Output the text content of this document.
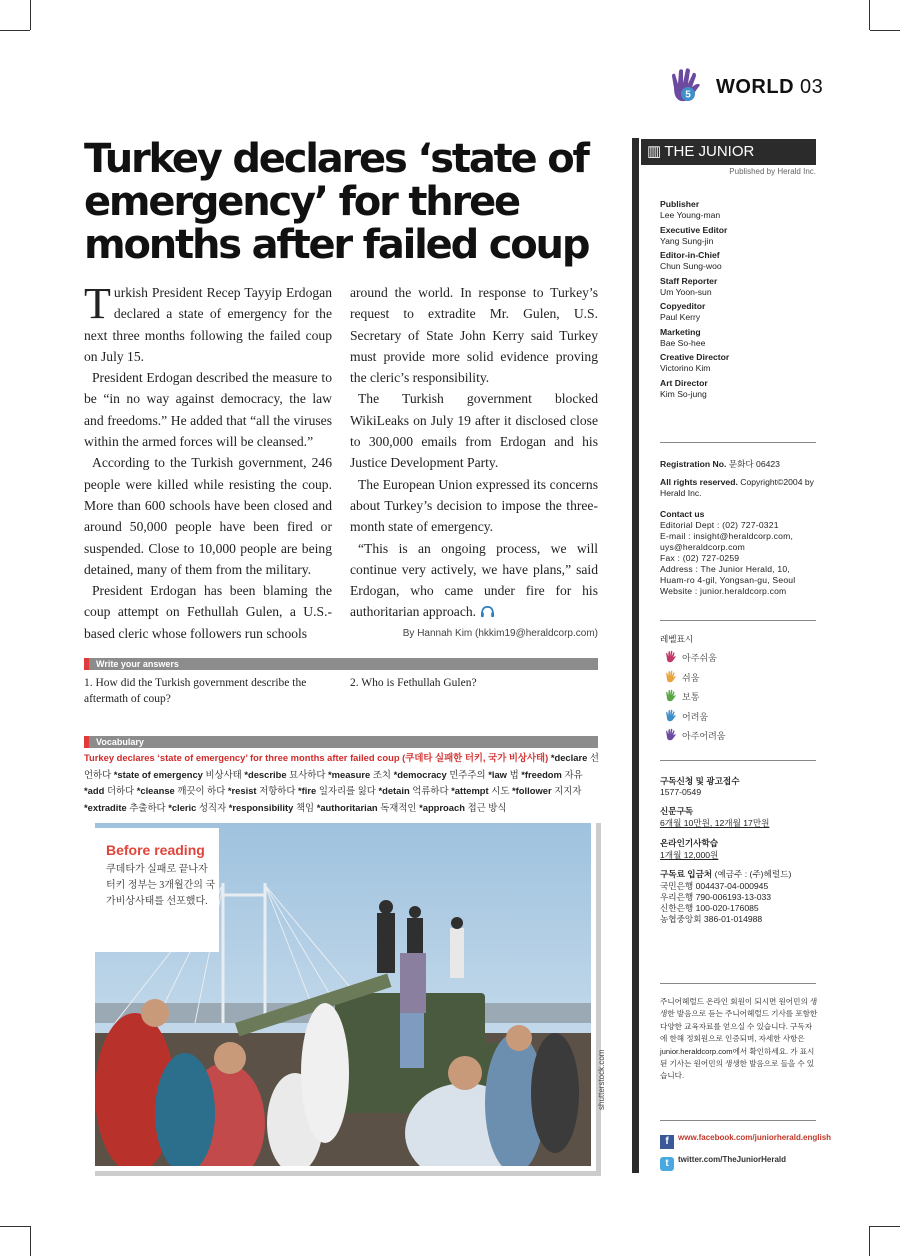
5 WORLD 03
Turkey declares ‘state of emergency’ for three months after failed coup

Turkish President Recep Tayyip Erdogan declared a state of emergency for the next three months following the failed coup on July 15.

President Erdogan described the measure to be “in no way against democracy, the law and freedoms.” He added that “all the viruses within the armed forces will be cleansed.”

According to the Turkish government, 246 people were killed while resisting the coup. More than 600 schools have been closed and around 50,000 people have been fired or suspended. Close to 10,000 people are being detained, many of them from the military.

President Erdogan has been blaming the coup attempt on Fethullah Gulen, a U.S.-based cleric whose followers run schools

around the world. In response to Turkey’s request to extradite Mr. Gulen, U.S. Secretary of State John Kerry said Turkey must provide more solid evidence proving the cleric’s responsibility.

The Turkish government blocked WikiLeaks on July 19 after it disclosed close to 300,000 emails from Erdogan and his Justice Development Party.

The European Union expressed its concerns about Turkey’s decision to impose the three-month state of emergency.

“This is an ongoing process, we will continue very actively, we have plans,” said Erdogan, who came under fire for his authoritarian approach.

By Hannah Kim (hkkim19@heraldcorp.com)
Write your answers
1. How did the Turkish government describe the aftermath of coup?
2. Who is Fethullah Gulen?
Vocabulary
Turkey declares ‘state of emergency’ for three months after failed coup (쿠데타 실패한 터키, 국가 비상사태) *declare 선언하다 *state of emergency 비상사태 *describe 묘사하다 *measure 조치 *democracy 민주주의 *law 법 *freedom 자유 *add 더하다 *cleanse 깨끗이 하다 *resist 저항하다 *fire 일자리를 잃다 *detain 억류하다 *attempt 시도 *follower 지지자 *extradite 추출하다 *cleric 성직자 *responsibility 책임 *authoritarian 독재적인 *approach 접근 방식
Before reading
쿠데타가 실패로 끝나자 터키 정부는 3개월간의 국가비상사태를 선포했다.
shutterstock.com
▥ THE JUNIOR HERALD	Published by Herald Inc.
Publisher
Lee Young-man
Executive Editor
Yang Sung-jin
Editor-in-Chief
Chun Sung-woo
Staff Reporter
Um Yoon-sun
Copyeditor
Paul Kerry
Marketing
Bae So-hee
Creative Director
Victorino Kim
Art Director
Kim So-jung
Registration No. 문화다 06423
All rights reserved. Copyright©2004 by Herald Inc.
Contact us
Editorial Dept : (02) 727-0321
E-mail : insight@heraldcorp.com,
uys@heraldcorp.com
Fax : (02) 727-0259
Address : The Junior Herald, 10,
Huam-ro 4-gil, Yongsan-gu, Seoul
Website : junior.heraldcorp.com
레벨표시
아주쉬움
쉬움
보통
어려움
아주어려움
구독신청 및 광고접수
1577-0549
신문구독
6개월 10만원, 12개월 17만원
온라인기사학습
1개월 12,000원
구독료 입금처 (예금주 : (주)헤럴드)
국민은행 004437-04-000945
우리은행 790-006193-13-033
신한은행 100-020-176085
농협중앙회 386-01-014988
주니어헤럴드 온라인 회원이 되시면 원어민의 생생한 발음으로 듣는 주니어헤럴드 기사를 포함한 다양한 교육자료를 얻으실 수 있습니다. 구독자에 한해 정회원으로 인증되며, 자세한 사항은 junior.heraldcorp.com에서 확인하세요. 가 표시된 기사는 원어민의 생생한 발음으로 들을 수 있습니다.
f www.facebook.com/juniorherald.english
t twitter.com/TheJuniorHerald
